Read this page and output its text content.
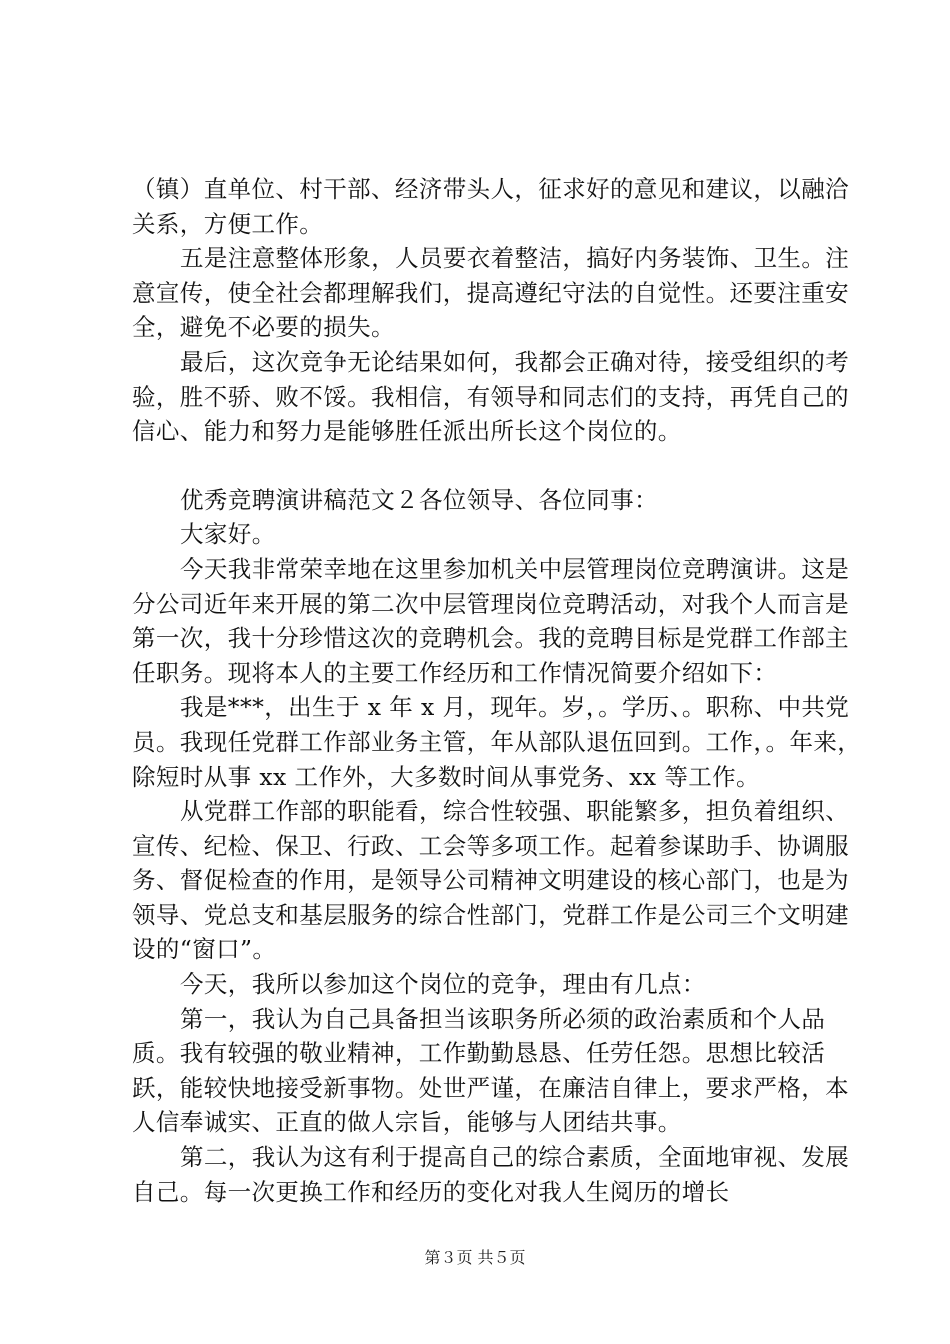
（镇）直单位、村干部、经济带头人，征求好的意见和建议，以融洽关系，方便工作。

五是注意整体形象，人员要衣着整洁，搞好内务装饰、卫生。注意宣传，使全社会都理解我们，提高遵纪守法的自觉性。还要注重安全，避免不必要的损失。

最后，这次竞争无论结果如何，我都会正确对待，接受组织的考验，胜不骄、败不馁。我相信，有领导和同志们的支持，再凭自己的信心、能力和努力是能够胜任派出所长这个岗位的。

优秀竞聘演讲稿范文２各位领导、各位同事：

大家好。

今天我非常荣幸地在这里参加机关中层管理岗位竞聘演讲。这是分公司近年来开展的第二次中层管理岗位竞聘活动，对我个人而言是第一次，我十分珍惜这次的竞聘机会。我的竞聘目标是党群工作部主任职务。现将本人的主要工作经历和工作情况简要介绍如下：

我是***，出生于 x 年 x 月，现年。岁，。学历、。职称、中共党员。我现任党群工作部业务主管，年从部队退伍回到。工作，。年来，除短时从事 xx 工作外，大多数时间从事党务、xx 等工作。

从党群工作部的职能看，综合性较强、职能繁多，担负着组织、宣传、纪检、保卫、行政、工会等多项工作。起着参谋助手、协调服务、督促检查的作用，是领导公司精神文明建设的核心部门，也是为领导、党总支和基层服务的综合性部门，党群工作是公司三个文明建设的“窗口”。

今天，我所以参加这个岗位的竞争，理由有几点：

第一，我认为自己具备担当该职务所必须的政治素质和个人品质。我有较强的敬业精神，工作勤勤恳恳、任劳任怨。思想比较活跃，能较快地接受新事物。处世严谨，在廉洁自律上，要求严格，本人信奉诚实、正直的做人宗旨，能够与人团结共事。

第二，我认为这有利于提高自己的综合素质，全面地审视、发展自己。每一次更换工作和经历的变化对我人生阅历的增长

第３页 共５页
